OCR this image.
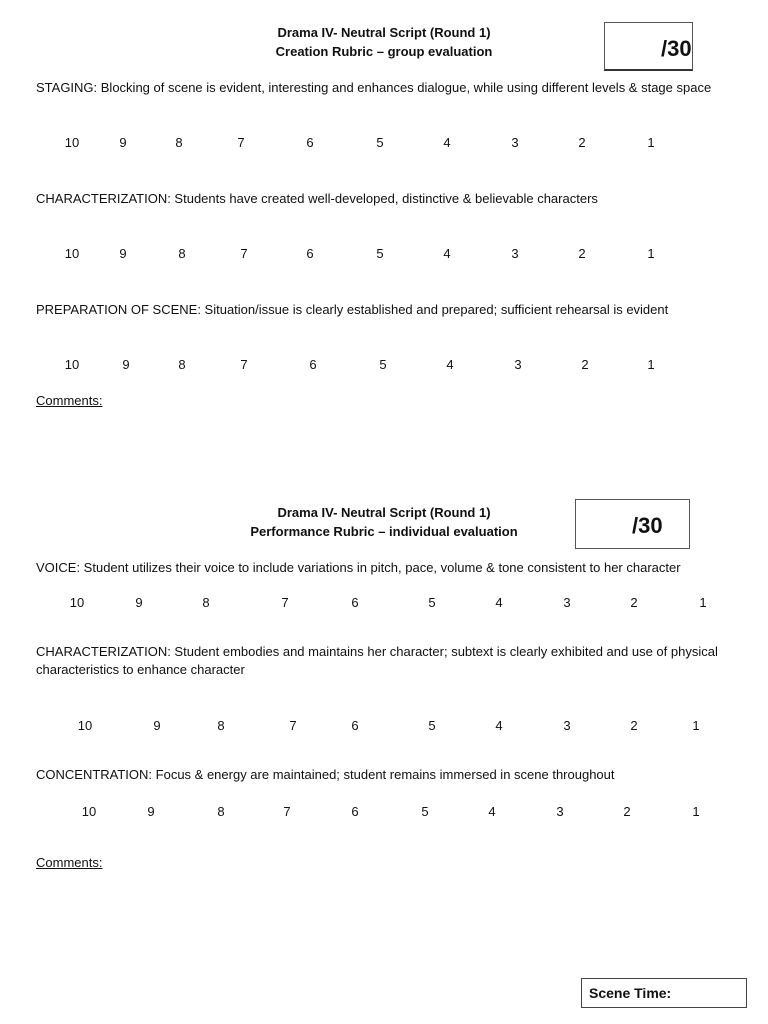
Drama IV- Neutral Script (Round 1)
Creation Rubric – group evaluation	/30
STAGING: Blocking of scene is evident, interesting and enhances dialogue, while using different levels & stage space
10	9	8	7	6	5	4	3	2	1
CHARACTERIZATION: Students have created well-developed, distinctive & believable characters
10	9	8	7	6	5	4	3	2	1
PREPARATION OF SCENE: Situation/issue is clearly established and prepared; sufficient rehearsal is evident
10	9	8	7	6	5	4	3	2	1
Comments:
Drama IV- Neutral Script (Round 1)
Performance Rubric – individual evaluation	/30
VOICE: Student utilizes their voice to include variations in pitch, pace, volume & tone consistent to her character
10	9	8	7	6	5	4	3	2	1
CHARACTERIZATION: Student embodies and maintains her character; subtext is clearly exhibited and use of physical characteristics to enhance character
10	9	8	7	6	5	4	3	2	1
CONCENTRATION: Focus & energy are maintained; student remains immersed in scene throughout
10	9	8	7	6	5	4	3	2	1
Comments:
Scene Time:
